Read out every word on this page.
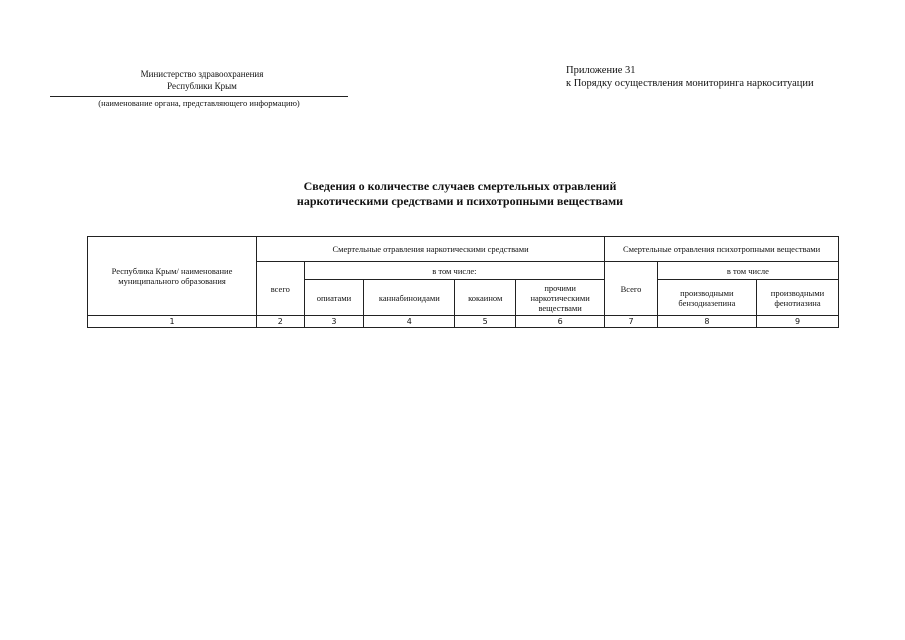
Министерство здравоохранения
Республики Крым
(наименование органа, представляющего информацию)
Приложение 31
к Порядку осуществления мониторинга наркоситуации
Сведения о количестве случаев смертельных отравлений
наркотическими средствами и психотропными веществами
Республика Крым/ наименование муниципального образования	Смертельные отравления наркотическими средствами					Смертельные отравления психотропными веществами		
	всего	в том числе:				Всего	в том числе	
		опиатами	каннабиноидами	кокаином	прочими наркотическими веществами		производными бензодиазепина	производными фенотиазина
1	2	3	4	5	6	7	8	9
